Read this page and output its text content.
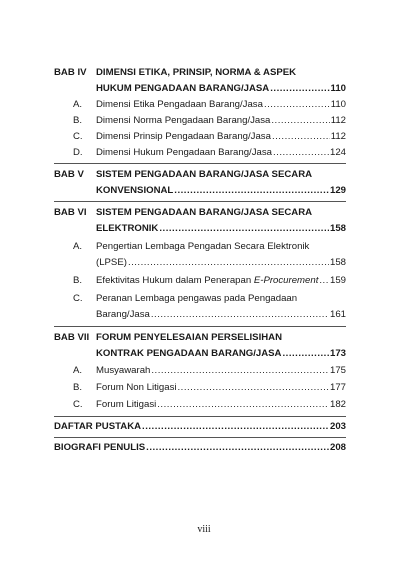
BAB IV DIMENSI ETIKA, PRINSIP, NORMA & ASPEK
HUKUM PENGADAAN BARANG/JASA .....	110
A. Dimensi Etika Pengadaan Barang/Jasa .....	110
B. Dimensi Norma Pengadaan Barang/Jasa .....	112
C. Dimensi Prinsip Pengadaan Barang/Jasa .....	112
D. Dimensi Hukum Pengadaan Barang/Jasa .....	124
BAB V SISTEM PENGADAAN BARANG/JASA SECARA
KONVENSIONAL .....	129
BAB VI SISTEM PENGADAAN BARANG/JASA SECARA
ELEKTRONIK .....	158
A. Pengertian Lembaga Pengadan Secara Elektronik
(LPSE) .....	158
B. Efektivitas Hukum dalam Penerapan E-Procurement ..... 159
C. Peranan Lembaga pengawas pada Pengadaan
Barang/Jasa .....	161
BAB VII FORUM PENYELESAIAN PERSELISIHAN
KONTRAK PENGADAAN BARANG/JASA .....	173
A. Musyawarah .....	175
B. Forum Non Litigasi .....	177
C. Forum Litigasi .....	182
DAFTAR PUSTAKA .....	203
BIOGRAFI PENULIS .....	208
viii
